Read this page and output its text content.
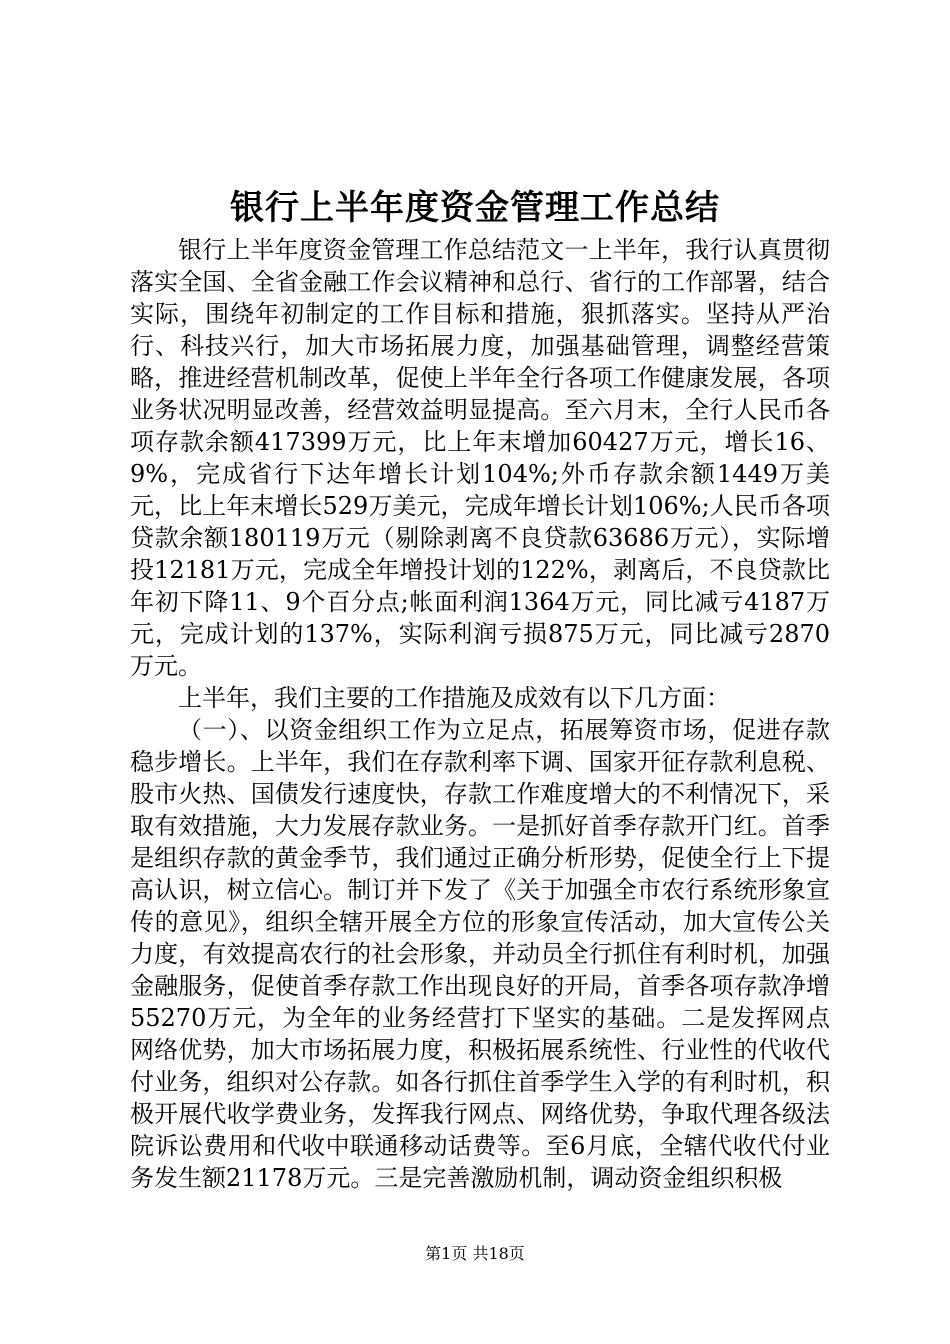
银行上半年度资金管理工作总结

银行上半年度资金管理工作总结范文一上半年，我行认真贯彻落实全国、全省金融工作会议精神和总行、省行的工作部署，结合实际，围绕年初制定的工作目标和措施，狠抓落实。坚持从严治行、科技兴行，加大市场拓展力度，加强基础管理，调整经营策略，推进经营机制改革，促使上半年全行各项工作健康发展，各项业务状况明显改善，经营效益明显提高。至六月末，全行人民币各项存款余额417399万元，比上年末增加60427万元，增长16、9%，完成省行下达年增长计划104%;外币存款余额1449万美元，比上年末增长529万美元，完成年增长计划106%;人民币各项贷款余额180119万元（剔除剥离不良贷款63686万元），实际增投12181万元，完成全年增投计划的122%，剥离后，不良贷款比年初下降11、9个百分点;帐面利润1364万元，同比减亏4187万元，完成计划的137%，实际利润亏损875万元，同比减亏2870万元。

上半年，我们主要的工作措施及成效有以下几方面：

（一）、以资金组织工作为立足点，拓展筹资市场，促进存款稳步增长。上半年，我们在存款利率下调、国家开征存款利息税、股市火热、国债发行速度快，存款工作难度增大的不利情况下，采取有效措施，大力发展存款业务。一是抓好首季存款开门红。首季是组织存款的黄金季节，我们通过正确分析形势，促使全行上下提高认识，树立信心。制订并下发了《关于加强全市农行系统形象宣传的意见》，组织全辖开展全方位的形象宣传活动，加大宣传公关力度，有效提高农行的社会形象，并动员全行抓住有利时机，加强金融服务，促使首季存款工作出现良好的开局，首季各项存款净增55270万元，为全年的业务经营打下坚实的基础。二是发挥网点网络优势，加大市场拓展力度，积极拓展系统性、行业性的代收代付业务，组织对公存款。如各行抓住首季学生入学的有利时机，积极开展代收学费业务，发挥我行网点、网络优势，争取代理各级法院诉讼费用和代收中联通移动话费等。至6月底，全辖代收代付业务发生额21178万元。三是完善激励机制，调动资金组织积极

第1页 共18页
